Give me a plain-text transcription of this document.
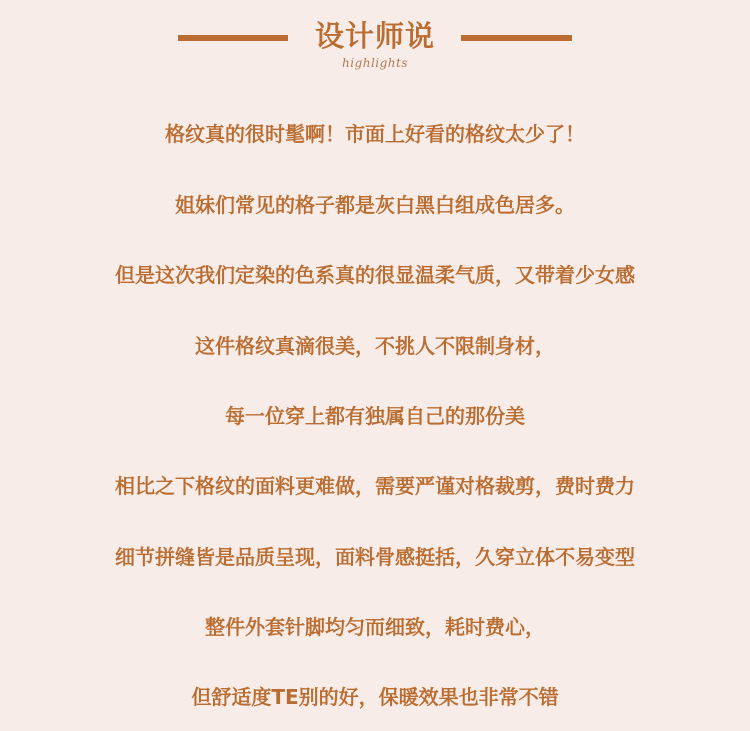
设计师说
highlights
格纹真的很时髦啊！市面上好看的格纹太少了！
姐妹们常见的格子都是灰白黑白组成色居多。
但是这次我们定染的色系真的很显温柔气质，又带着少女感
这件格纹真滴很美，不挑人不限制身材，
每一位穿上都有独属自己的那份美
相比之下格纹的面料更难做，需要严谨对格裁剪，费时费力
细节拼缝皆是品质呈现，面料骨感挺括，久穿立体不易变型
整件外套针脚均匀而细致，耗时费心，
但舒适度TE别的好，保暖效果也非常不错
